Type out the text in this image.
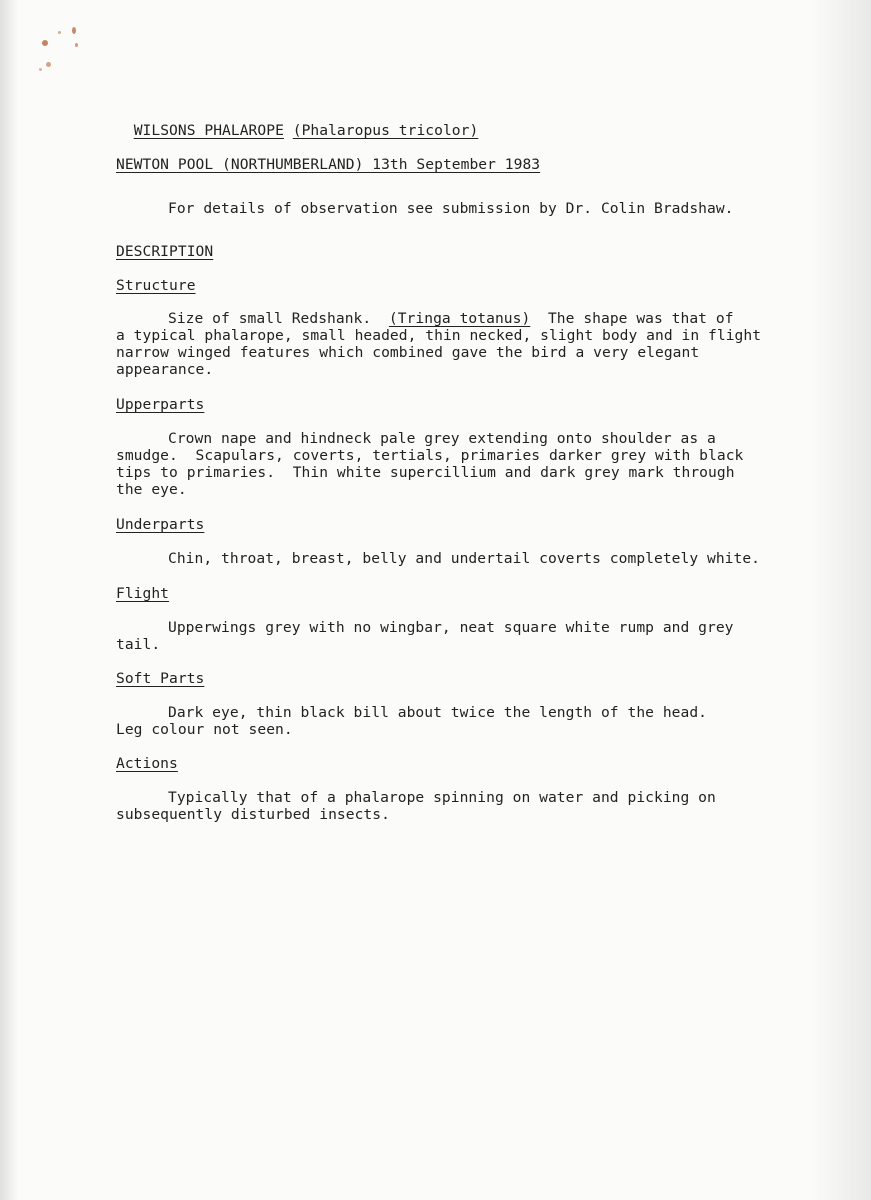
WILSONS PHALAROPE (Phalaropus tricolor)

NEWTON POOL (NORTHUMBERLAND) 13th September 1983
For details of observation see submission by Dr. Colin Bradshaw.
DESCRIPTION
Structure
Size of small Redshank.  (Tringa totanus)  The shape was that of
a typical phalarope, small headed, thin necked, slight body and in flight
narrow winged features which combined gave the bird a very elegant
appearance.
Upperparts
Crown nape and hindneck pale grey extending onto shoulder as a
smudge.  Scapulars, coverts, tertials, primaries darker grey with black
tips to primaries.  Thin white supercillium and dark grey mark through
the eye.
Underparts
Chin, throat, breast, belly and undertail coverts completely white.
Flight
Upperwings grey with no wingbar, neat square white rump and grey
tail.
Soft Parts
Dark eye, thin black bill about twice the length of the head.
Leg colour not seen.
Actions
Typically that of a phalarope spinning on water and picking on
subsequently disturbed insects.
